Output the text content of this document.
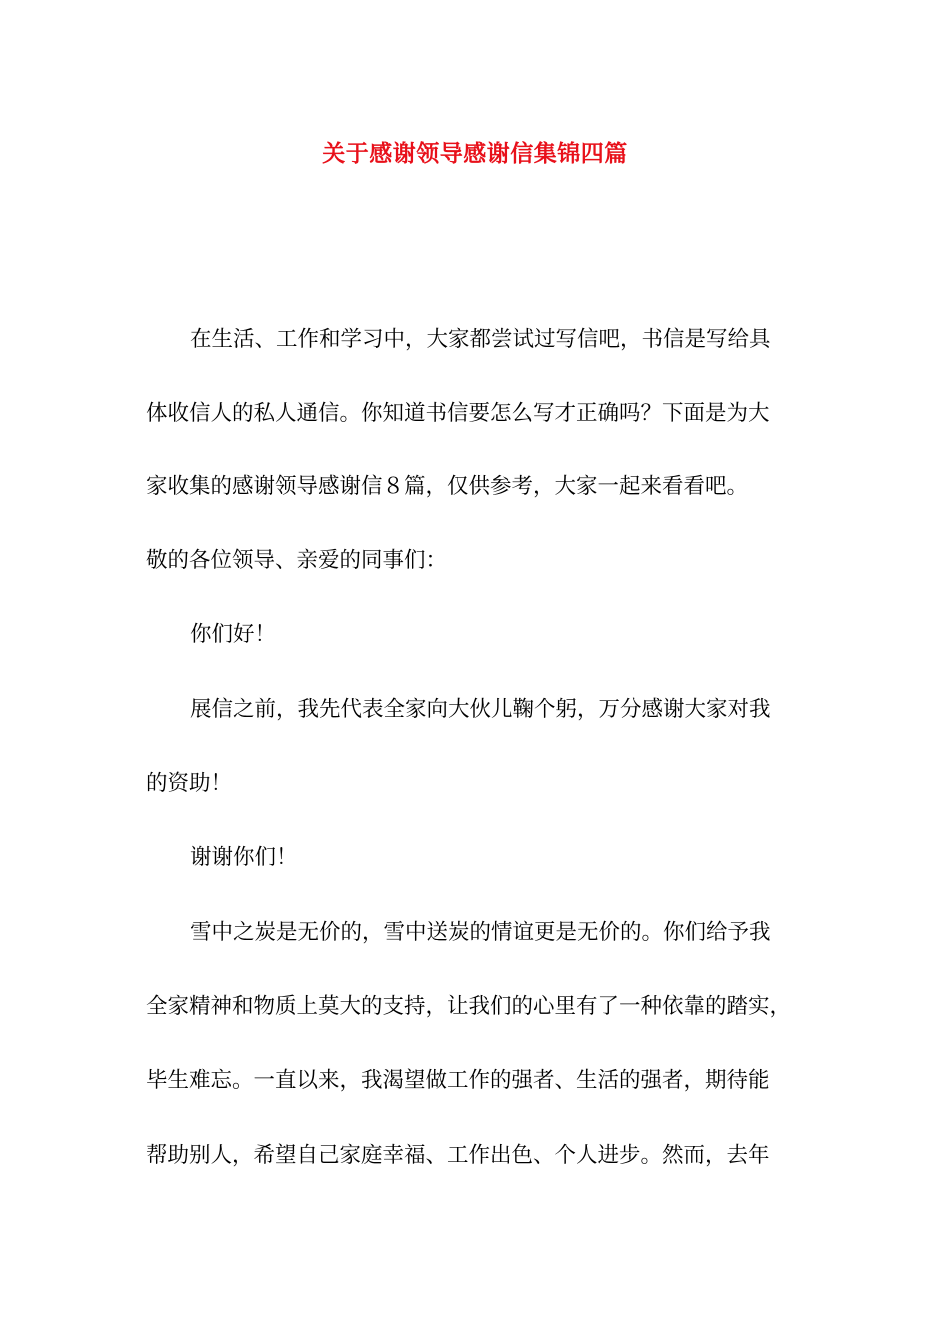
关于感谢领导感谢信集锦四篇
在生活、工作和学习中，大家都尝试过写信吧，书信是写给具
体收信人的私人通信。你知道书信要怎么写才正确吗？下面是为大
家收集的感谢领导感谢信８篇，仅供参考，大家一起来看看吧。
敬的各位领导、亲爱的同事们：
你们好！
展信之前，我先代表全家向大伙儿鞠个躬，万分感谢大家对我
的资助！
谢谢你们！
雪中之炭是无价的，雪中送炭的情谊更是无价的。你们给予我
全家精神和物质上莫大的支持，让我们的心里有了一种依靠的踏实，
毕生难忘。一直以来，我渴望做工作的强者、生活的强者，期待能
帮助别人，希望自己家庭幸福、工作出色、个人进步。然而，去年
